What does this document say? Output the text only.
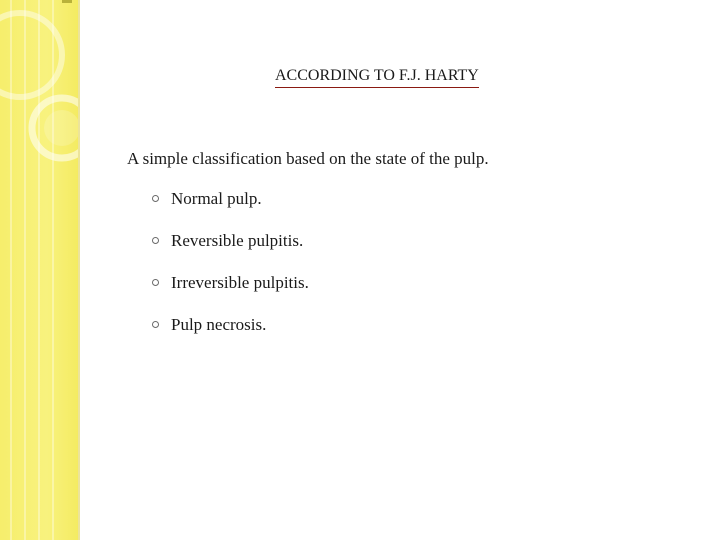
ACCORDING TO F.J. HARTY
A simple classification based on the state of the pulp.
Normal pulp.
Reversible pulpitis.
Irreversible pulpitis.
Pulp necrosis.
